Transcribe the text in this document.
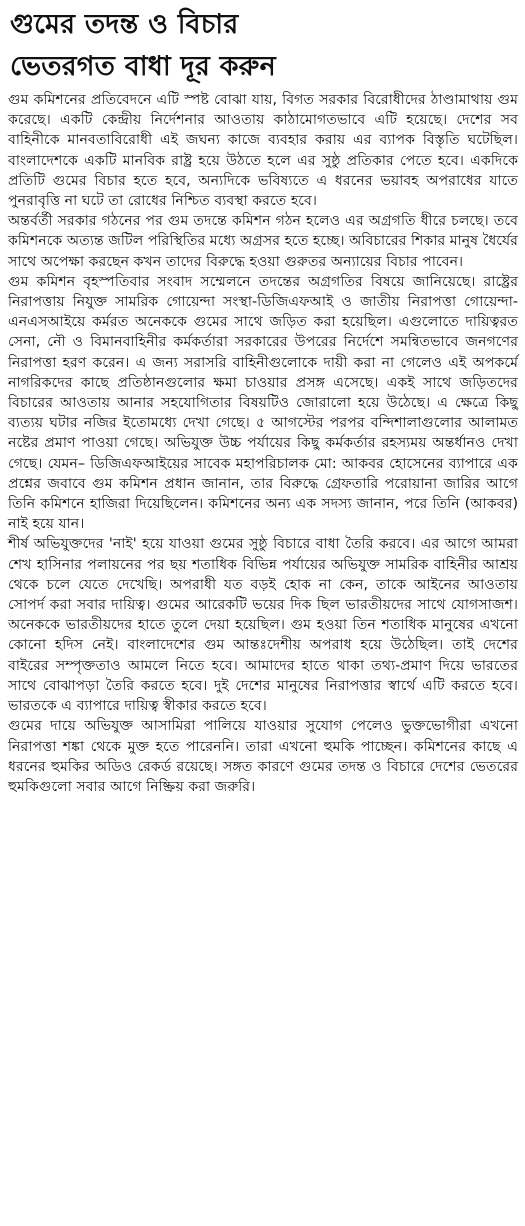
গুমের তদন্ত ও বিচার
ভেতরগত বাধা দূর করুন

গুম কমিশনের প্রতিবেদনে এটি স্পষ্ট বোঝা যায়, বিগত সরকার বিরোধীদের ঠাণ্ডামাথায় গুম করেছে। একটি কেন্দ্রীয় নির্দেশনার আওতায় কাঠামোগতভাবে এটি হয়েছে। দেশের সব বাহিনীকে মানবতাবিরোধী এই জঘন্য কাজে ব্যবহার করায় এর ব্যাপক বিস্তৃতি ঘটেছিল। বাংলাদেশকে একটি মানবিক রাষ্ট্র হয়ে উঠতে হলে এর সুষ্ঠু প্রতিকার পেতে হবে। একদিকে প্রতিটি গুমের বিচার হতে হবে, অন্যদিকে ভবিষ্যতে এ ধরনের ভয়াবহ অপরাধের যাতে পুনরাবৃত্তি না ঘটে তা রোধের নিশ্চিত ব্যবস্থা করতে হবে।

অন্তর্বর্তী সরকার গঠনের পর গুম তদন্তে কমিশন গঠন হলেও এর অগ্রগতি ধীরে চলছে। তবে কমিশনকে অত্যন্ত জটিল পরিস্থিতির মধ্যে অগ্রসর হতে হচ্ছে। অবিচারের শিকার মানুষ ধৈর্যের সাথে অপেক্ষা করছেন কখন তাদের বিরুদ্ধে হওয়া গুরুতর অন্যায়ের বিচার পাবেন।

গুম কমিশন বৃহস্পতিবার সংবাদ সম্মেলনে তদন্তের অগ্রগতির বিষয়ে জানিয়েছে। রাষ্ট্রের নিরাপত্তায় নিযুক্ত সামরিক গোয়েন্দা সংস্থা-ডিজিএফআই ও জাতীয় নিরাপত্তা গোয়েন্দা-এনএসআইয়ে কর্মরত অনেককে গুমের সাথে জড়িত করা হয়েছিল। এগুলোতে দায়িত্বরত সেনা, নৌ ও বিমানবাহিনীর কর্মকর্তারা সরকারের উপরের নির্দেশে সমন্বিতভাবে জনগণের নিরাপত্তা হরণ করেন। এ জন্য সরাসরি বাহিনীগুলোকে দায়ী করা না গেলেও এই অপকর্মে নাগরিকদের কাছে প্রতিষ্ঠানগুলোর ক্ষমা চাওয়ার প্রসঙ্গ এসেছে। একই সাথে জড়িতদের বিচারের আওতায় আনার সহযোগিতার বিষয়টিও জোরালো হয়ে উঠেছে। এ ক্ষেত্রে কিছু ব্যত্যয় ঘটার নজির ইতোমধ্যে দেখা গেছে। ৫ আগস্টের পরপর বন্দিশালাগুলোর আলামত নষ্টের প্রমাণ পাওয়া গেছে। অভিযুক্ত উচ্চ পর্যায়ের কিছু কর্মকর্তার রহস্যময় অন্তর্ধানও দেখা গেছে। যেমন– ডিজিএফআইয়ের সাবেক মহাপরিচালক মো: আকবর হোসেনের ব্যাপারে এক প্রশ্নের জবাবে গুম কমিশন প্রধান জানান, তার বিরুদ্ধে গ্রেফতারি পরোয়ানা জারির আগে তিনি কমিশনে হাজিরা দিয়েছিলেন। কমিশনের অন্য এক সদস্য জানান, পরে তিনি (আকবর) নাই হয়ে যান।

শীর্ষ অভিযুক্তদের 'নাই' হয়ে যাওয়া গুমের সুষ্ঠু বিচারে বাধা তৈরি করবে। এর আগে আমরা শেখ হাসিনার পলায়নের পর ছয় শতাধিক বিভিন্ন পর্যায়ের অভিযুক্ত সামরিক বাহিনীর আশ্রয় থেকে চলে যেতে দেখেছি। অপরাধী যত বড়ই হোক না কেন, তাকে আইনের আওতায় সোপর্দ করা সবার দায়িত্ব। গুমের আরেকটি ভয়ের দিক ছিল ভারতীয়দের সাথে যোগসাজশ। অনেককে ভারতীয়দের হাতে তুলে দেয়া হয়েছিল। গুম হওয়া তিন শতাধিক মানুষের এখনো কোনো হদিস নেই। বাংলাদেশের গুম আন্তঃদেশীয় অপরাধ হয়ে উঠেছিল। তাই দেশের বাইরের সম্পৃক্ততাও আমলে নিতে হবে। আমাদের হাতে থাকা তথ্য-প্রমাণ দিয়ে ভারতের সাথে বোঝাপড়া তৈরি করতে হবে। দুই দেশের মানুষের নিরাপত্তার স্বার্থে এটি করতে হবে। ভারতকে এ ব্যাপারে দায়িত্ব স্বীকার করতে হবে।

গুমের দায়ে অভিযুক্ত আসামিরা পালিয়ে যাওয়ার সুযোগ পেলেও ভুক্তভোগীরা এখনো নিরাপত্তা শঙ্কা থেকে মুক্ত হতে পারেননি। তারা এখনো হুমকি পাচ্ছেন। কমিশনের কাছে এ ধরনের হুমকির অডিও রেকর্ড রয়েছে। সঙ্গত কারণে গুমের তদন্ত ও বিচারে দেশের ভেতরের হুমকিগুলো সবার আগে নিষ্ক্রিয় করা জরুরি।
